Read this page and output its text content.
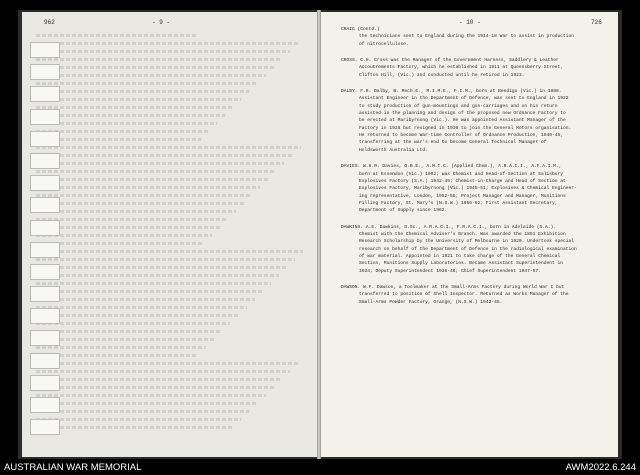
- 9 -
962	- 10 -	726
CRAIG (Contd.)
the technicians sent to England during the 1914-18 War to assist in production
of nitrocellulose.
CROSS. C.H. Cross was the Manager of the Government Harness, Saddlery & Leather
Accoutrements Factory, which he established in 1911 at Queensberry Street,
Clifton Hill, (Vic.) and conducted until he retired in 1923.
DALBY. F.R. Dalby, B. Mech.E., M.I.M.E., F.I.M., born at Bendigo (Vic.) in 1888.
Assistant Engineer in the Department of Defence, was sent to England in 1922
to study production of gun-mountings and gun-carriages and on his return
assisted in the planning and design of the proposed new Ordnance Factory to
be erected at Maribyrnong (Vic.). He was appointed Assistant Manager of the
Factory in 1928 but resigned in 1930 to join the General Motors organisation.
He returned to become War-time Controller of Ordnance Production, 1940-45,
transferring at the war's end to become General Technical Manager of
Holdsworth Australia Ltd.
DAVIES. W.H.R. Davies, O.B.E., A.M.T.C. (Applied Chem.), A.R.A.C.I., A.F.A.I.M.,
born at Essendon (Vic.) 1902; was Chemist and Head-of-Section at Salisbury
Explosives Factory (S.A.) 1942-45; Chemist-in-Charge and Head of Section at
Explosives Factory, Maribyrnong (Vic.) 1945-51; Explosives & Chemical Engineer-
ing representative, London, 1952-55; Project Manager and Manager, Munitions
Filling Factory, St. Mary's (N.S.W.) 1956-62; First Assistant Secretary,
Department of Supply since 1962.
DAWKINS. A.E. Dawkins, D.Sc., A.R.A.C.I., F.R.A.C.I., born in Adelaide (S.A.).
Chemist with the Chemical Adviser's Branch. Was awarded the 1851 Exhibition
Research Scholarship by the University of Melbourne in 1920. Undertook special
research on behalf of the Department of Defence in the radiological examination
of war material. Appointed in 1921 to take charge of the General Chemical
Section, Munitions Supply Laboratories. Became Assistant Superintendent in
1934; Deputy Superintendent 1938-46; Chief Superintendent 1947-57.
DAWSON. W.F. Dawson, a Toolmaker at the Small-Arms Factory during World War I but
transferred to position of Shell Inspector. Returned as Works Manager of the
Small-Arms Powder Factory, Orange, (N.S.W.) 1942-45.
AUSTRALIAN WAR MEMORIAL	AWM2022.6.244
